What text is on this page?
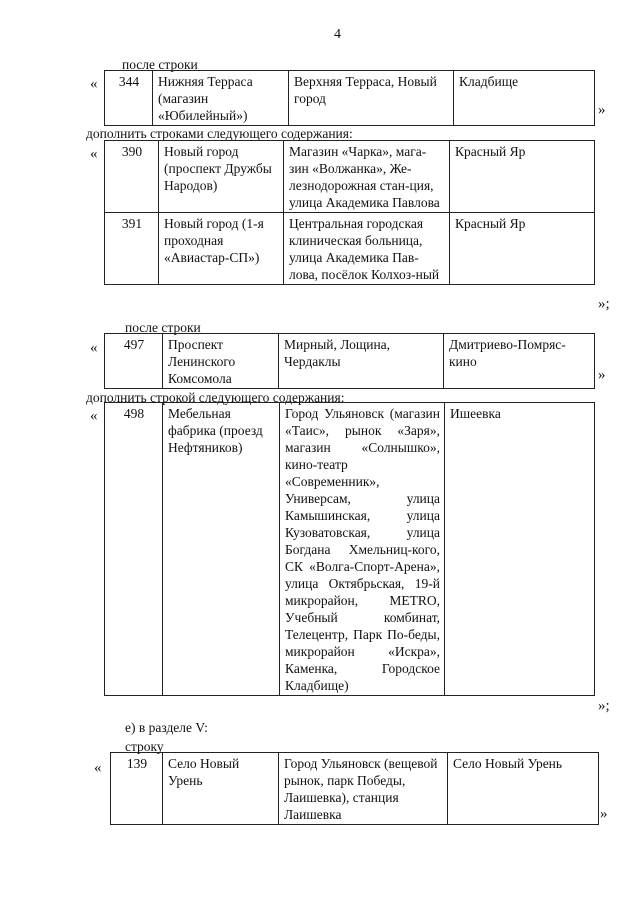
4
после строки
« 344	Нижняя Терраса (магазин «Юбилейный»)	Верхняя Терраса, Новый город	Кладбище
»
дополнить строками следующего содержания:
« 390	Новый город (проспект Дружбы Народов)	Магазин «Чарка», мага-зин «Волжанка», Же-лезнодорожная стан-ция, улица Академика Павлова	Красный Яр
391	Новый город (1-я проходная «Авиастар-СП»)	Центральная городская клиническая больница, улица Академика Пав-лова, посёлок Колхоз-ный	Красный Яр
»;
после строки
« 497	Проспект Ленинского Комсомола	Мирный, Лощина, Чердаклы	Дмитриево-Помряс-кино
»
дополнить строкой следующего содержания:
« 498	Мебельная фабрика (проезд Нефтяников)	Город Ульяновск (магазин «Таис», рынок «Заря», магазин «Солнышко», кино-театр «Современник», Универсам, улица Камышинская, улица Кузоватовская, улица Богдана Хмельниц-кого, СК «Волга-Спорт-Арена», улица Октябрьская, 19-й микрорайон, METRO, Учебный комбинат, Телецентр, Парк По-беды, микрорайон «Искра», Каменка, Городское Кладбище)	Ишеевка
»;
е) в разделе V:
строку
« 139	Село Новый Урень	Город Ульяновск (вещевой рынок, парк Победы, Лаишевка), станция Лаишевка	Село Новый Урень
»
